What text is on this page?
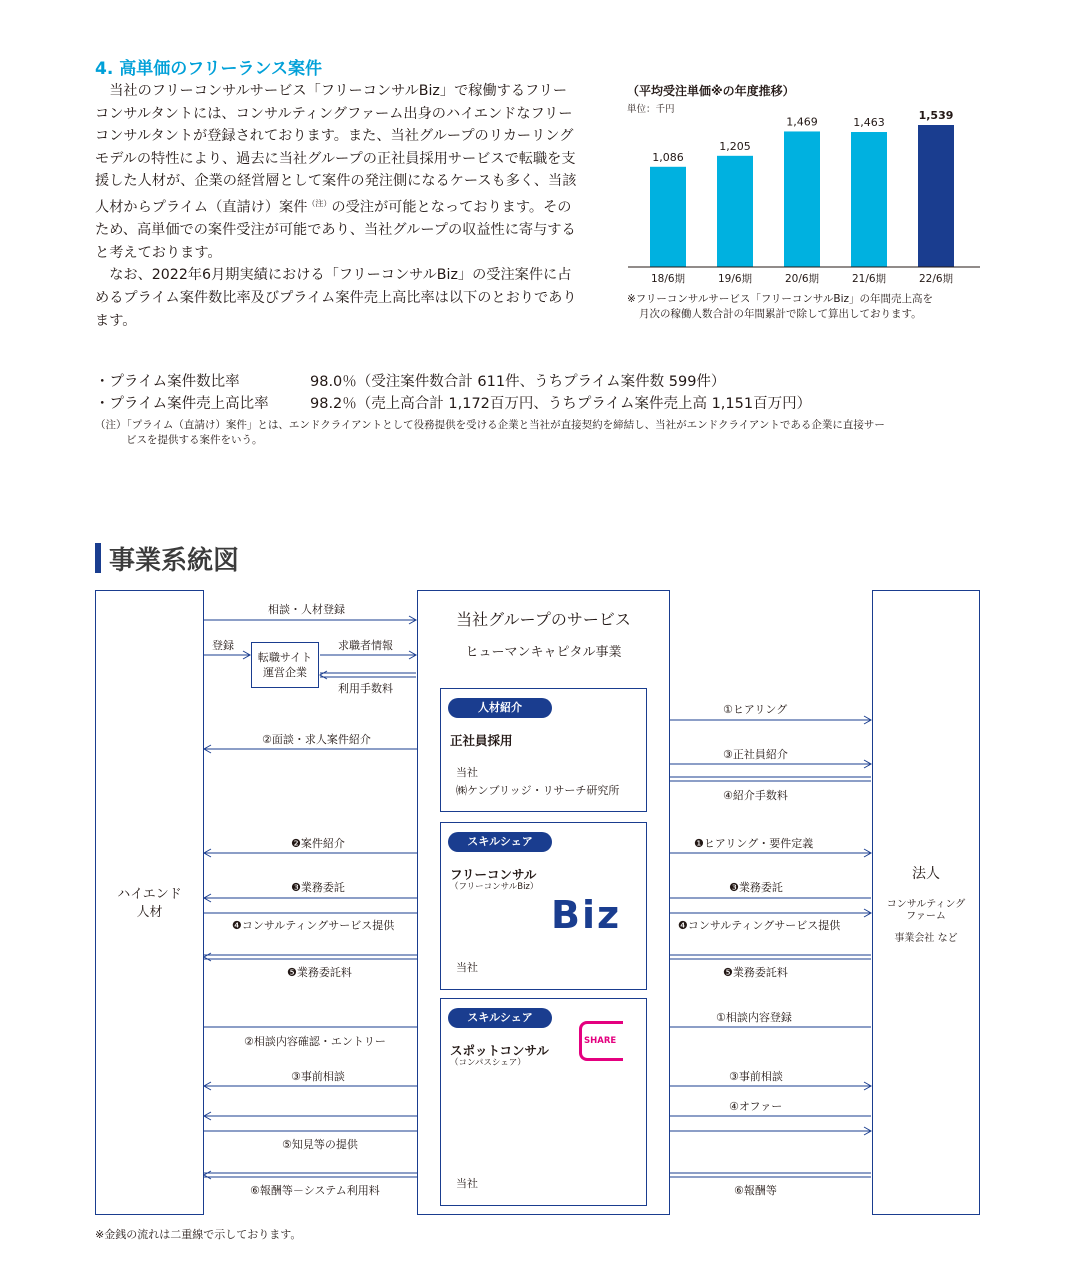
4. 高単価のフリーランス案件

当社のフリーコンサルサービス「フリーコンサルBiz」で稼働するフリーコンサルタントには、コンサルティングファーム出身のハイエンドなフリーコンサルタントが登録されております。また、当社グループのリカーリングモデルの特性により、過去に当社グループの正社員採用サービスで転職を支援した人材が、企業の経営層として案件の発注側になるケースも多く、当該人材からプライム（直請け）案件$^{(注)}$の受注が可能となっております。そのため、高単価での案件受注が可能であり、当社グループの収益性に寄与すると考えております。

なお、2022年6月期実績における「フリーコンサルBiz」の受注案件に占めるプライム案件数比率及びプライム案件売上高比率は以下のとおりであります。

（平均受注単価※の年度推移）
単位：千円
1,086
18/6期
1,205
19/6期
1,469
20/6期
1,463
21/6期
1,539
22/6期
※フリーコンサルサービス「フリーコンサルBiz」の年間売上高を
月次の稼働人数合計の年間累計で除して算出しております。
・プライム案件数比率	98.0％（受注案件数合計 611件、うちプライム案件数 599件）
・プライム案件売上高比率	98.2％（売上高合計 1,172百万円、うちプライム案件売上高 1,151百万円）
（注）「プライム（直請け）案件」とは、エンドクライアントとして役務提供を受ける企業と当社が直接契約を締結し、当社がエンドクライアントである企業に直接サー
ビスを提供する案件をいう。
事業系統図
ハイエンド
人材
法人
コンサルティング
ファーム
事業会社 など
当社グループのサービス
ヒューマンキャピタル事業
転職サイト
運営企業
人材紹介
正社員採用
当社
㈱ケンブリッジ・リサーチ研究所
スキルシェア
フリーコンサル
（フリーコンサルBiz）
Biz
当社
スキルシェア
スポットコンサル
（コンパスシェア）
SHARE
当社
相談・人材登録
登録	求職者情報
利用手数料
①ヒアリング
②面談・求人案件紹介
③正社員紹介
④紹介手数料
❷案件紹介	❶ヒアリング・要件定義
❸業務委託	❸業務委託
❹コンサルティングサービス提供	❹コンサルティングサービス提供
❺業務委託料	❺業務委託料
①相談内容登録
②相談内容確認・エントリー
③事前相談	③事前相談
④オファー
⑤知見等の提供
⑥報酬等－システム利用料	⑥報酬等
※金銭の流れは二重線で示しております。
